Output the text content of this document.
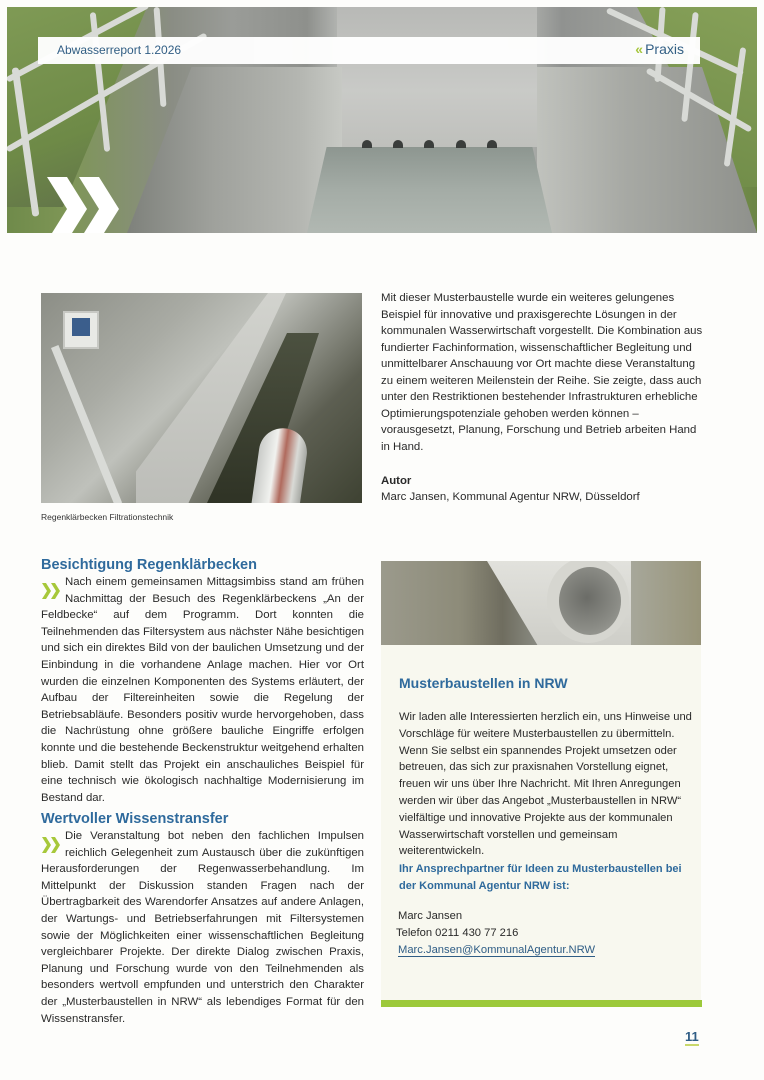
Abwasserreport 1.2026	« Praxis
Regenklärbecken Filtrationstechnik

Mit dieser Musterbaustelle wurde ein weiteres gelungenes Beispiel für innovative und praxisgerechte Lösungen in der kommunalen Wasserwirtschaft vorgestellt. Die Kombination aus fundierter Fachinformation, wissenschaftlicher Begleitung und unmittelbarer Anschauung vor Ort machte diese Veranstaltung zu einem weiteren Meilenstein der Reihe. Sie zeigte, dass auch unter den Restriktionen bestehender Infrastrukturen erhebliche Optimierungspotenziale gehoben werden können – vorausgesetzt, Planung, Forschung und Betrieb arbeiten Hand in Hand.

Autor
Marc Jansen, Kommunal Agentur NRW, Düsseldorf
Besichtigung Regenklärbecken

Nach einem gemeinsamen Mittagsimbiss stand am frühen Nachmittag der Besuch des Regenklärbeckens „An der Feldbecke“ auf dem Programm. Dort konnten die Teilnehmenden das Filtersystem aus nächster Nähe besichtigen und sich ein direktes Bild von der baulichen Umsetzung und der Einbindung in die vorhandene Anlage machen. Hier vor Ort wurden die einzelnen Komponenten des Systems erläutert, der Aufbau der Filtereinheiten sowie die Regelung der Betriebsabläufe. Besonders positiv wurde hervorgehoben, dass die Nachrüstung ohne größere bauliche Eingriffe erfolgen konnte und die bestehende Beckenstruktur weitgehend erhalten blieb. Damit stellt das Projekt ein anschauliches Beispiel für eine technisch wie ökologisch nachhaltige Modernisierung im Bestand dar.

Wertvoller Wissenstransfer

Die Veranstaltung bot neben den fachlichen Impulsen reichlich Gelegenheit zum Austausch über die zukünftigen Herausforderungen der Regenwasserbehandlung. Im Mittelpunkt der Diskussion standen Fragen nach der Übertragbarkeit des Warendorfer Ansatzes auf andere Anlagen, der Wartungs- und Betriebserfahrungen mit Filtersystemen sowie der Möglichkeiten einer wissenschaftlichen Begleitung vergleichbarer Projekte. Der direkte Dialog zwischen Praxis, Planung und Forschung wurde von den Teilnehmenden als besonders wertvoll empfunden und unterstrich den Charakter der „Musterbaustellen in NRW“ als lebendiges Format für den Wissenstransfer.

Musterbaustellen in NRW

Wir laden alle Interessierten herzlich ein, uns Hinweise und Vorschläge für weitere Musterbaustellen zu übermitteln. Wenn Sie selbst ein spannendes Projekt umsetzen oder betreuen, das sich zur praxisnahen Vorstellung eignet, freuen wir uns über Ihre Nachricht. Mit Ihren Anregungen werden wir über das Angebot „Musterbaustellen in NRW“ vielfältige und innovative Projekte aus der kommunalen Wasserwirtschaft vorstellen und gemeinsam weiterentwickeln.

Ihr Ansprechpartner für Ideen zu Musterbaustellen bei der Kommunal Agentur NRW ist:

Marc Jansen
Telefon 0211 430 77 216
Marc.Jansen@KommunalAgentur.NRW
11
